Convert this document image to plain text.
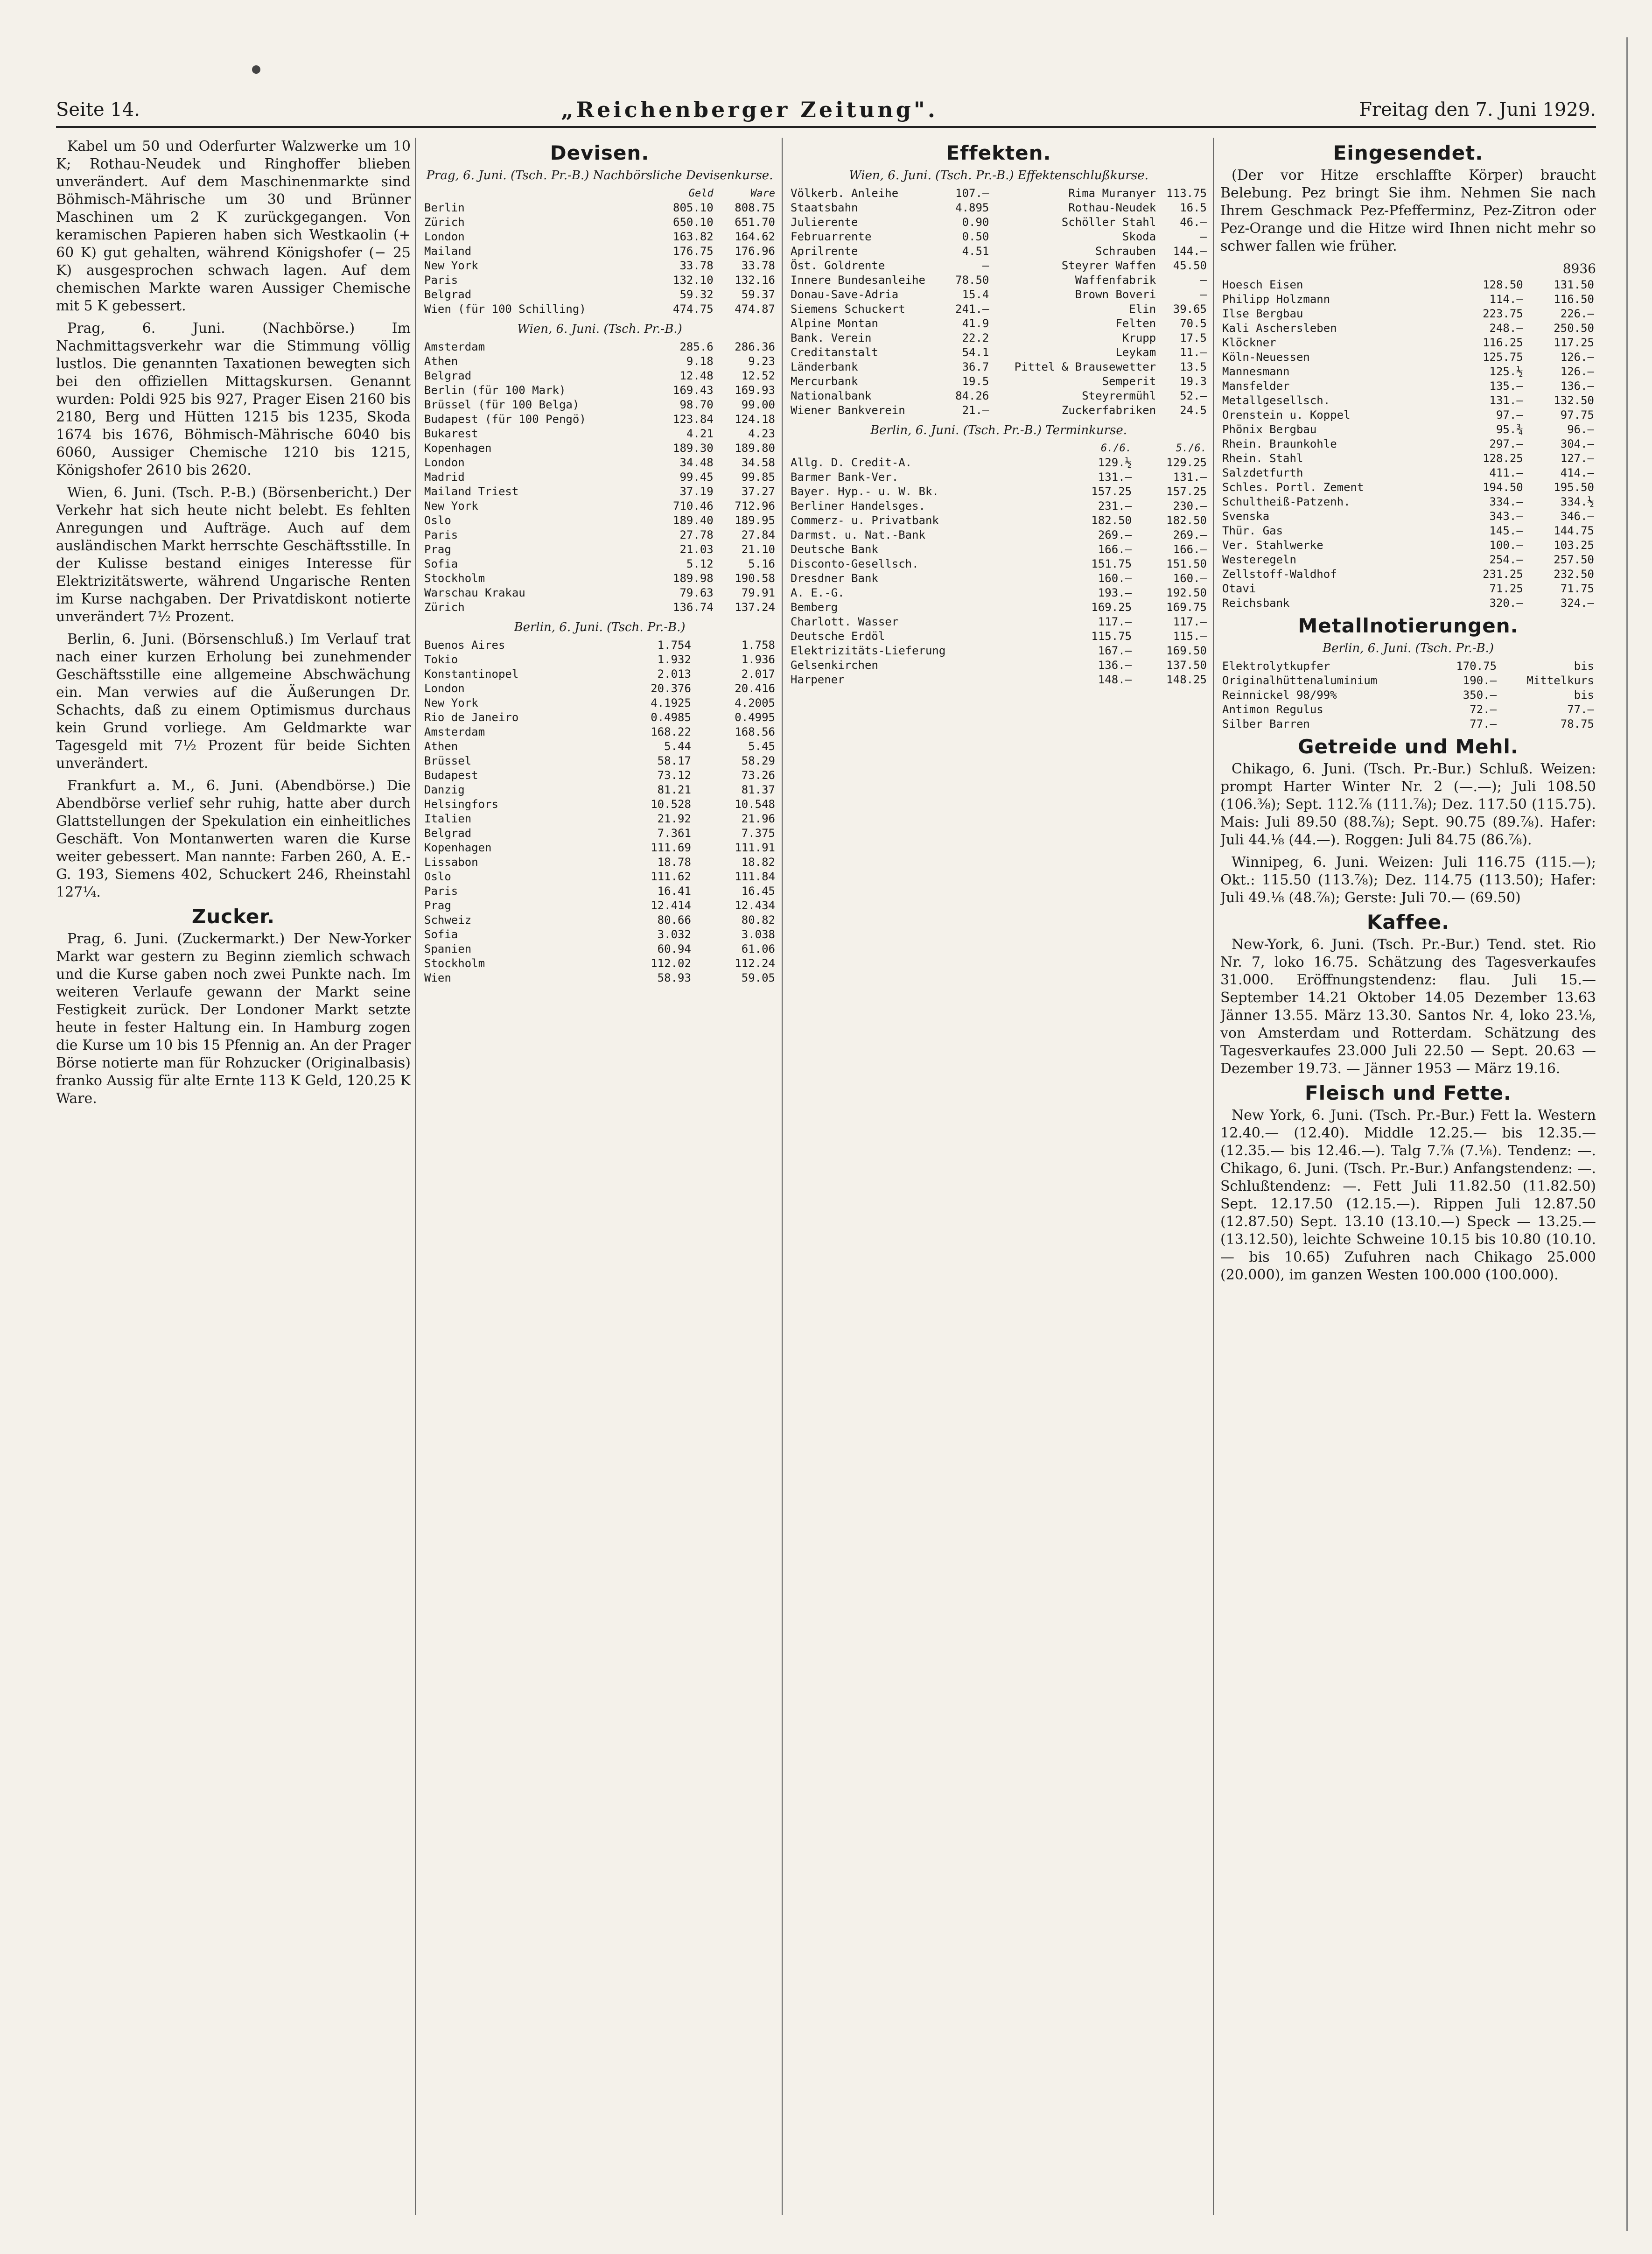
Seite 14.	„Reichenberger Zeitung".	Freitag den 7. Juni 1929.

Kabel um 50 und Oderfurter Walzwerke um 10 K; Rothau-Neudek und Ringhoffer blieben unverändert. Auf dem Maschinenmarkte sind Böhmisch-Mährische um 30 und Brünner Maschinen um 2 K zurückgegangen. Von keramischen Papieren haben sich Westkaolin (+ 60 K) gut gehalten, während Königshofer (− 25 K) ausgesprochen schwach lagen. Auf dem chemischen Markte waren Aussiger Chemische mit 5 K gebessert.

Prag, 6. Juni. (Nachbörse.) Im Nachmittagsverkehr war die Stimmung völlig lustlos. Die genannten Taxationen bewegten sich bei den offiziellen Mittagskursen. Genannt wurden: Poldi 925 bis 927, Prager Eisen 2160 bis 2180, Berg und Hütten 1215 bis 1235, Skoda 1674 bis 1676, Böhmisch-Mährische 6040 bis 6060, Aussiger Chemische 1210 bis 1215, Königshofer 2610 bis 2620.

Wien, 6. Juni. (Tsch. P.-B.) (Börsenbericht.) Der Verkehr hat sich heute nicht belebt. Es fehlten Anregungen und Aufträge. Auch auf dem ausländischen Markt herrschte Geschäftsstille. In der Kulisse bestand einiges Interesse für Elektrizitätswerte, während Ungarische Renten im Kurse nachgaben. Der Privatdiskont notierte unverändert 7½ Prozent.

Berlin, 6. Juni. (Börsenschluß.) Im Verlauf trat nach einer kurzen Erholung bei zunehmender Geschäftsstille eine allgemeine Abschwächung ein. Man verwies auf die Äußerungen Dr. Schachts, daß zu einem Optimismus durchaus kein Grund vorliege. Am Geldmarkte war Tagesgeld mit 7½ Prozent für beide Sichten unverändert.

Frankfurt a. M., 6. Juni. (Abendbörse.) Die Abendbörse verlief sehr ruhig, hatte aber durch Glattstellungen der Spekulation ein einheitliches Geschäft. Von Montanwerten waren die Kurse weiter gebessert. Man nannte: Farben 260, A. E.-G. 193, Siemens 402, Schuckert 246, Rheinstahl 127¼.

Zucker.

Prag, 6. Juni. (Zuckermarkt.) Der New-Yorker Markt war gestern zu Beginn ziemlich schwach und die Kurse gaben noch zwei Punkte nach. Im weiteren Verlaufe gewann der Markt seine Festigkeit zurück. Der Londoner Markt setzte heute in fester Haltung ein. In Hamburg zogen die Kurse um 10 bis 15 Pfennig an. An der Prager Börse notierte man für Rohzucker (Originalbasis) franko Aussig für alte Ernte 113 K Geld, 120.25 K Ware.

Devisen.
Prag, 6. Juni. (Tsch. Pr.-B.) Nachbörsliche Devisenkurse.
	Geld	Ware
Berlin	805.10	808.75
Zürich	650.10	651.70
London	163.82	164.62
Mailand	176.75	176.96
New York	33.78	33.78
Paris	132.10	132.16
Belgrad	59.32	59.37
Wien (für 100 Schilling)	474.75	474.87
Wien, 6. Juni. (Tsch. Pr.-B.)
Amsterdam	285.6	286.36
Athen	9.18	9.23
Belgrad	12.48	12.52
Berlin (für 100 Mark)	169.43	169.93
Brüssel (für 100 Belga)	98.70	99.00
Budapest (für 100 Pengö)	123.84	124.18
Bukarest	4.21	4.23
Kopenhagen	189.30	189.80
London	34.48	34.58
Madrid	99.45	99.85
Mailand Triest	37.19	37.27
New York	710.46	712.96
Oslo	189.40	189.95
Paris	27.78	27.84
Prag	21.03	21.10
Sofia	5.12	5.16
Stockholm	189.98	190.58
Warschau Krakau	79.63	79.91
Zürich	136.74	137.24
Berlin, 6. Juni. (Tsch. Pr.-B.)
Buenos Aires	1.754	1.758
Tokio	1.932	1.936
Konstantinopel	2.013	2.017
London	20.376	20.416
New York	4.1925	4.2005
Rio de Janeiro	0.4985	0.4995
Amsterdam	168.22	168.56
Athen	5.44	5.45
Brüssel	58.17	58.29
Budapest	73.12	73.26
Danzig	81.21	81.37
Helsingfors	10.528	10.548
Italien	21.92	21.96
Belgrad	7.361	7.375
Kopenhagen	111.69	111.91
Lissabon	18.78	18.82
Oslo	111.62	111.84
Paris	16.41	16.45
Prag	12.414	12.434
Schweiz	80.66	80.82
Sofia	3.032	3.038
Spanien	60.94	61.06
Stockholm	112.02	112.24
Wien	58.93	59.05
Effekten.
Wien, 6. Juni. (Tsch. Pr.-B.) Effektenschlußkurse.
Völkerb. Anleihe	107.—	Rima Muranyer	113.75
Staatsbahn	4.895	Rothau-Neudek	16.5
Julierente	0.90	Schöller Stahl	46.—
Februarrente	0.50	Skoda	—
Aprilrente	4.51	Schrauben	144.—
Öst. Goldrente	—	Steyrer Waffen	45.50
Innere Bundesanleihe	78.50	Waffenfabrik	—
Donau-Save-Adria	15.4	Brown Boveri	—
Siemens Schuckert	241.—	Elin	39.65
Alpine Montan	41.9	Felten	70.5
Bank. Verein	22.2	Krupp	17.5
Creditanstalt	54.1	Leykam	11.—
Länderbank	36.7	Pittel & Brausewetter	13.5
Mercurbank	19.5	Semperit	19.3
Nationalbank	84.26	Steyrermühl	52.—
Wiener Bankverein	21.—	Zuckerfabriken	24.5
Berlin, 6. Juni. (Tsch. Pr.-B.) Terminkurse.
	6./6.	5./6.
Allg. D. Credit-A.	129.½	129.25
Barmer Bank-Ver.	131.—	131.—
Bayer. Hyp.- u. W. Bk.	157.25	157.25
Berliner Handelsges.	231.—	230.—
Commerz- u. Privatbank	182.50	182.50
Darmst. u. Nat.-Bank	269.—	269.—
Deutsche Bank	166.—	166.—
Disconto-Gesellsch.	151.75	151.50
Dresdner Bank	160.—	160.—
A. E.-G.	193.—	192.50
Bemberg	169.25	169.75
Charlott. Wasser	117.—	117.—
Deutsche Erdöl	115.75	115.—
Elektrizitäts-Lieferung	167.—	169.50
Gelsenkirchen	136.—	137.50
Harpener	148.—	148.25
Eingesendet.

(Der vor Hitze erschlaffte Körper) braucht Belebung. Pez bringt Sie ihm. Nehmen Sie nach Ihrem Geschmack Pez-Pfefferminz, Pez-Zitron oder Pez-Orange und die Hitze wird Ihnen nicht mehr so schwer fallen wie früher.

8936
Hoesch Eisen	128.50	131.50
Philipp Holzmann	114.—	116.50
Ilse Bergbau	223.75	226.—
Kali Aschersleben	248.—	250.50
Klöckner	116.25	117.25
Köln-Neuessen	125.75	126.—
Mannesmann	125.½	126.—
Mansfelder	135.—	136.—
Metallgesellsch.	131.—	132.50
Orenstein u. Koppel	97.—	97.75
Phönix Bergbau	95.¾	96.—
Rhein. Braunkohle	297.—	304.—
Rhein. Stahl	128.25	127.—
Salzdetfurth	411.—	414.—
Schles. Portl. Zement	194.50	195.50
Schultheiß-Patzenh.	334.—	334.½
Svenska	343.—	346.—
Thür. Gas	145.—	144.75
Ver. Stahlwerke	100.—	103.25
Westeregeln	254.—	257.50
Zellstoff-Waldhof	231.25	232.50
Otavi	71.25	71.75
Reichsbank	320.—	324.—
Metallnotierungen.
Berlin, 6. Juni. (Tsch. Pr.-B.)
Elektrolytkupfer	170.75	bis
Originalhüttenaluminium	190.—	Mittelkurs
Reinnickel 98/99%	350.—	bis
Antimon Regulus	72.—	77.—
Silber Barren	77.—	78.75
Getreide und Mehl.

Chikago, 6. Juni. (Tsch. Pr.-Bur.) Schluß. Weizen: prompt Harter Winter Nr. 2 (—.—); Juli 108.50 (106.⅜); Sept. 112.⅞ (111.⅞); Dez. 117.50 (115.75). Mais: Juli 89.50 (88.⅞); Sept. 90.75 (89.⅞). Hafer: Juli 44.⅛ (44.—). Roggen: Juli 84.75 (86.⅞).

Winnipeg, 6. Juni. Weizen: Juli 116.75 (115.—); Okt.: 115.50 (113.⅞); Dez. 114.75 (113.50); Hafer: Juli 49.⅛ (48.⅞); Gerste: Juli 70.— (69.50)

Kaffee.

New-York, 6. Juni. (Tsch. Pr.-Bur.) Tend. stet. Rio Nr. 7, loko 16.75. Schätzung des Tagesverkaufes 31.000. Eröffnungstendenz: flau. Juli 15.— September 14.21 Oktober 14.05 Dezember 13.63 Jänner 13.55. März 13.30. Santos Nr. 4, loko 23.⅛, von Amsterdam und Rotterdam. Schätzung des Tagesverkaufes 23.000 Juli 22.50 — Sept. 20.63 — Dezember 19.73. — Jänner 1953 — März 19.16.

Fleisch und Fette.

New York, 6. Juni. (Tsch. Pr.-Bur.) Fett la. Western 12.40.— (12.40). Middle 12.25.— bis 12.35.— (12.35.— bis 12.46.—). Talg 7.⅞ (7.⅛). Tendenz: —. Chikago, 6. Juni. (Tsch. Pr.-Bur.) Anfangstendenz: —. Schlußtendenz: —. Fett Juli 11.82.50 (11.82.50) Sept. 12.17.50 (12.15.—). Rippen Juli 12.87.50 (12.87.50) Sept. 13.10 (13.10.—) Speck — 13.25.— (13.12.50), leichte Schweine 10.15 bis 10.80 (10.10.— bis 10.65) Zufuhren nach Chikago 25.000 (20.000), im ganzen Westen 100.000 (100.000).
